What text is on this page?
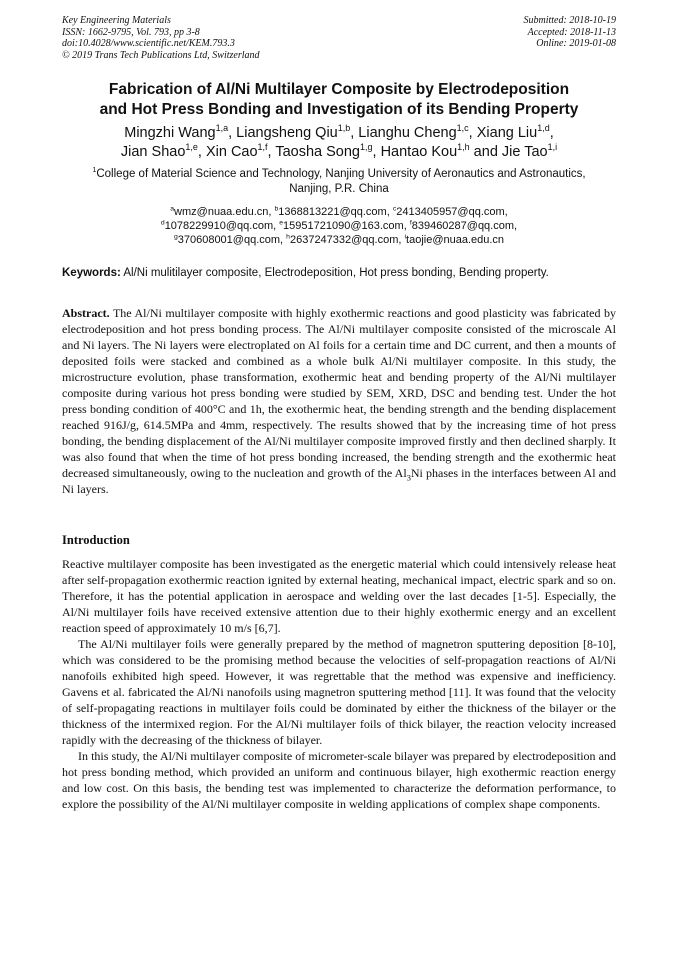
Key Engineering Materials
ISSN: 1662-9795, Vol. 793, pp 3-8
doi:10.4028/www.scientific.net/KEM.793.3
© 2019 Trans Tech Publications Ltd, Switzerland
Submitted: 2018-10-19
Accepted: 2018-11-13
Online: 2019-01-08
Fabrication of Al/Ni Multilayer Composite by Electrodeposition
and Hot Press Bonding and Investigation of its Bending Property
Mingzhi Wang$^{1,a}$, Liangsheng Qiu$^{1,b}$, Lianghu Cheng$^{1,c}$, Xiang Liu$^{1,d}$,
Jian Shao$^{1,e}$, Xin Cao$^{1,f}$, Taosha Song$^{1,g}$, Hantao Kou$^{1,h}$ and Jie Tao$^{1,i}$
$^1$College of Material Science and Technology, Nanjing University of Aeronautics and Astronautics,
Nanjing, P.R. China
$^a$wmz@nuaa.edu.cn, $^b$1368813221@qq.com, $^c$2413405957@qq.com,
$^d$1078229910@qq.com, $^e$15951721090@163.com, $^f$839460287@qq.com,
$^g$370608001@qq.com, $^h$2637247332@qq.com, $^i$taojie@nuaa.edu.cn
Keywords: Al/Ni mulitilayer composite, Electrodeposition, Hot press bonding, Bending property.
Abstract. The Al/Ni multilayer composite with highly exothermic reactions and good plasticity was fabricated by electrodeposition and hot press bonding process. The Al/Ni multilayer composite consisted of the microscale Al and Ni layers. The Ni layers were electroplated on Al foils for a certain time and DC current, and then a mounts of deposited foils were stacked and combined as a whole bulk Al/Ni multilayer composite. In this study, the microstructure evolution, phase transformation, exothermic heat and bending property of the Al/Ni multilayer composite during various hot press bonding were studied by SEM, XRD, DSC and bending test. Under the hot press bonding condition of 400°C and 1h, the exothermic heat, the bending strength and the bending displacement reached 916J/g, 614.5MPa and 4mm, respectively. The results showed that by the increasing time of hot press bonding, the bending displacement of the Al/Ni multilayer composite improved firstly and then declined sharply. It was also found that when the time of hot press bonding increased, the bending strength and the exothermic heat decreased simultaneously, owing to the nucleation and growth of the $Al_3Ni$ phases in the interfaces between Al and Ni layers.
Introduction

Reactive multilayer composite has been investigated as the energetic material which could intensively release heat after self-propagation exothermic reaction ignited by external heating, mechanical impact, electric spark and so on. Therefore, it has the potential application in aerospace and welding over the last decades [1-5]. Especially, the Al/Ni multilayer foils have received extensive attention due to their highly exothermic energy and an excellent reaction speed of approximately 10 m/s [6,7].

The Al/Ni multilayer foils were generally prepared by the method of magnetron sputtering deposition [8-10], which was considered to be the promising method because the velocities of self-propagation reactions of Al/Ni nanofoils exhibited high speed. However, it was regrettable that the method was expensive and inefficiency. Gavens et al. fabricated the Al/Ni nanofoils using magnetron sputtering method [11]. It was found that the velocity of self-propagating reactions in multilayer foils could be dominated by either the thickness of the bilayer or the thickness of the intermixed region. For the Al/Ni multilayer foils of thick bilayer, the reaction velocity increased rapidly with the decreasing of the thickness of bilayer.

In this study, the Al/Ni multilayer composite of micrometer-scale bilayer was prepared by electrodeposition and hot press bonding method, which provided an uniform and continuous bilayer, high exothermic reaction energy and low cost. On this basis, the bending test was implemented to characterize the deformation performance, to explore the possibility of the Al/Ni multilayer composite in welding applications of complex shape components.
